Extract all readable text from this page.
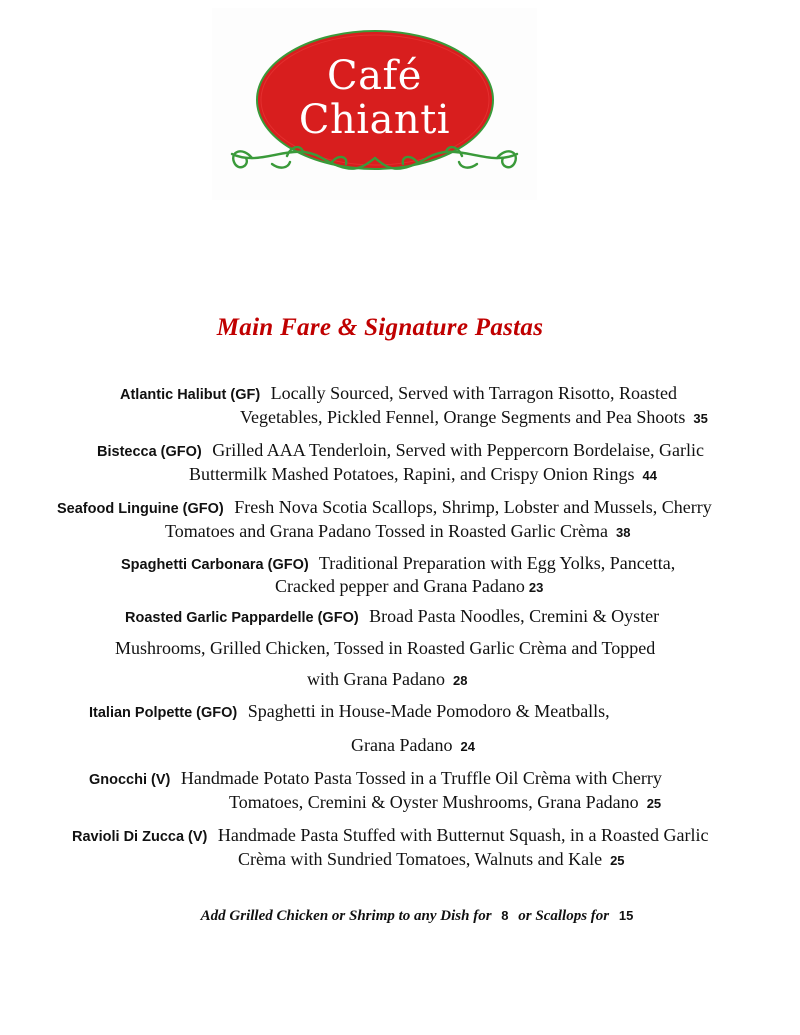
Café
Chianti
Main Fare & Signature Pastas
Atlantic Halibut (GF) Locally Sourced, Served with Tarragon Risotto, Roasted
Vegetables, Pickled Fennel, Orange Segments and Pea Shoots 35
Bistecca (GFO) Grilled AAA Tenderloin, Served with Peppercorn Bordelaise, Garlic
Buttermilk Mashed Potatoes, Rapini, and Crispy Onion Rings 44
Seafood Linguine (GFO) Fresh Nova Scotia Scallops, Shrimp, Lobster and Mussels, Cherry
Tomatoes and Grana Padano Tossed in Roasted Garlic Crèma 38
Spaghetti Carbonara (GFO) Traditional Preparation with Egg Yolks, Pancetta,
Cracked pepper and Grana Padano 23
Roasted Garlic Pappardelle (GFO) Broad Pasta Noodles, Cremini & Oyster
Mushrooms, Grilled Chicken, Tossed in Roasted Garlic Crèma and Topped
with Grana Padano 28
Italian Polpette (GFO) Spaghetti in House-Made Pomodoro & Meatballs,
Grana Padano 24
Gnocchi (V) Handmade Potato Pasta Tossed in a Truffle Oil Crèma with Cherry
Tomatoes, Cremini & Oyster Mushrooms, Grana Padano 25
Ravioli Di Zucca (V) Handmade Pasta Stuffed with Butternut Squash, in a Roasted Garlic
Crèma with Sundried Tomatoes, Walnuts and Kale 25
Add Grilled Chicken or Shrimp to any Dish for 8 or Scallops for 15
